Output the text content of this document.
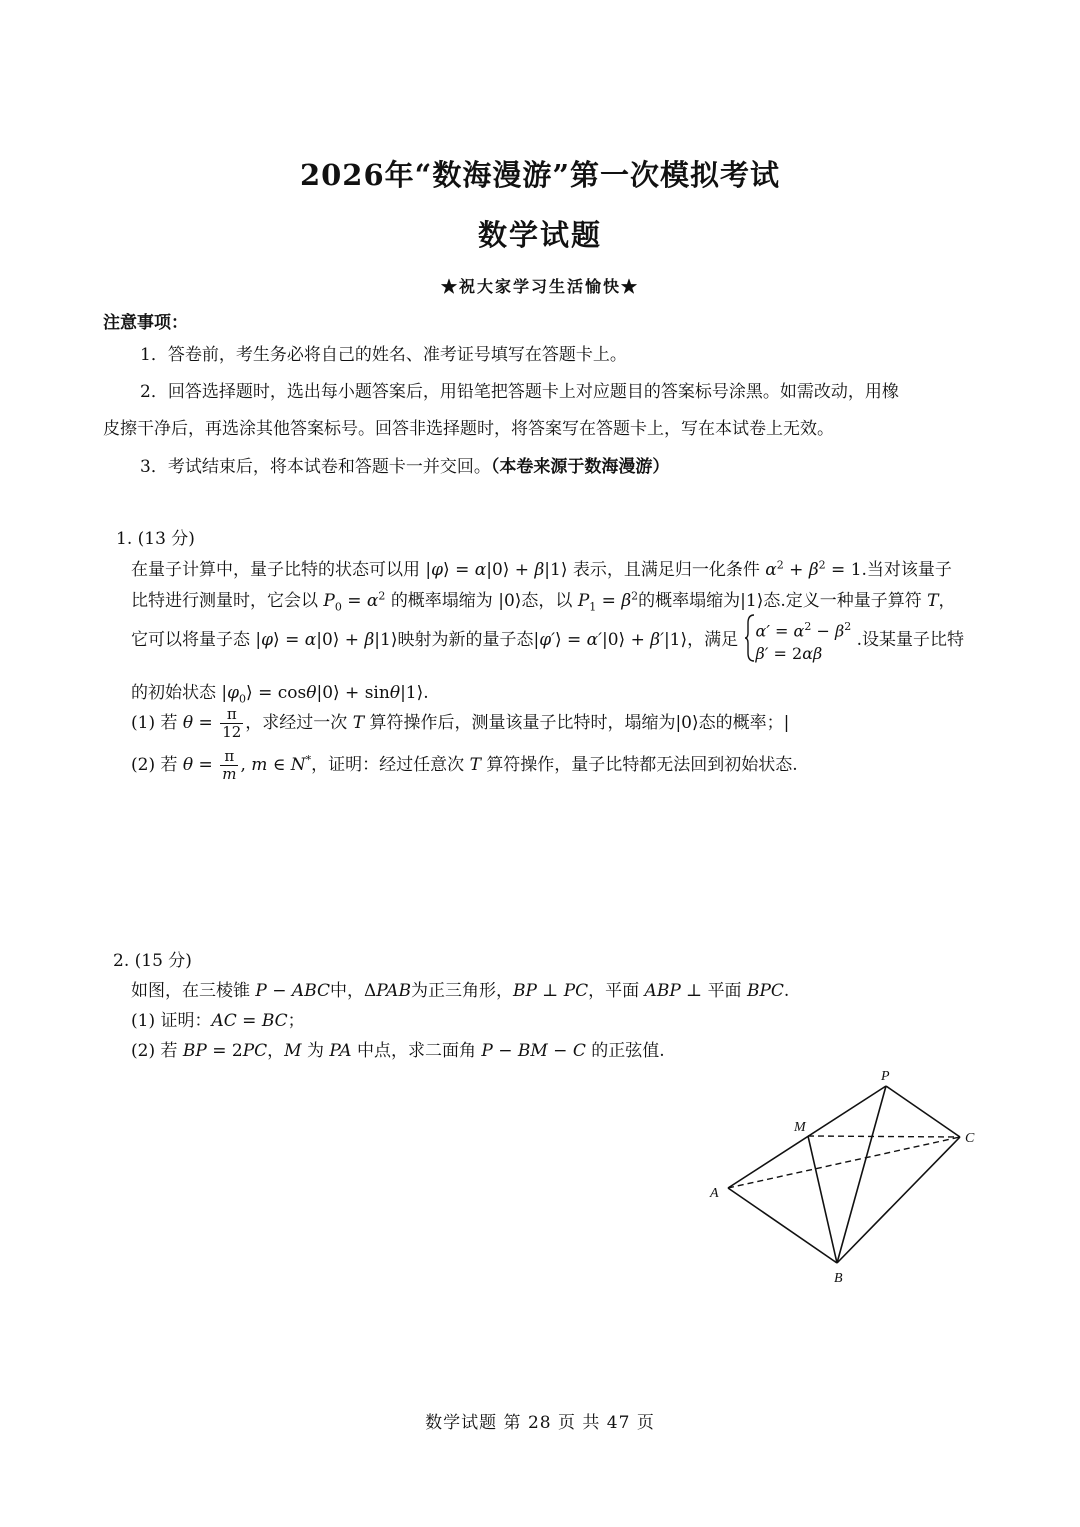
2026年“数海漫游”第一次模拟考试
数学试题
★祝大家学习生活愉快★
注意事项：
1．答卷前，考生务必将自己的姓名、准考证号填写在答题卡上。
2．回答选择题时，选出每小题答案后，用铅笔把答题卡上对应题目的答案标号涂黑。如需改动，用橡
皮擦干净后，再选涂其他答案标号。回答非选择题时，将答案写在答题卡上，写在本试卷上无效。
3．考试结束后，将本试卷和答题卡一并交回。（本卷来源于数海漫游）
1. (13 分)
在量子计算中，量子比特的状态可以用 |φ⟩ = α|0⟩ + β|1⟩ 表示，且满足归一化条件 $\alpha^2 + \beta^2 = 1$.当对该量子
比特进行测量时，它会以 $P_0 = \alpha^2$ 的概率塌缩为 |0⟩态，以 $P_1 = \beta^2$的概率塌缩为|1⟩态.定义一种量子算符 T，
它可以将量子态 |φ⟩ = α|0⟩ + β|1⟩映射为新的量子态|φ′⟩ = α′|0⟩ + β′|1⟩，满足 $\alpha' = \alpha^2 - \beta^2$
β′ = 2αβ .设某量子比特
的初始状态 $|\varphi_0⟩$ = cosθ|0⟩ + sinθ|1⟩.
(1) 若 $\theta = \frac{\pi}{12}$ ，求经过一次 T 算符操作后，测量该量子比特时，塌缩为|0⟩态的概率；|
(2) 若 $\theta = \frac{\pi}{m}$ , m ∈ N*，证明：经过任意次 T 算符操作，量子比特都无法回到初始状态.
2. (15 分)
如图，在三棱锥 P − ABC中，ΔPAB为正三角形，BP ⊥ PC，平面 ABP ⊥ 平面 BPC.
(1) 证明：AC = BC；
(2) 若 BP = 2PC，M 为 PA 中点，求二面角 P − BM − C 的正弦值.
P
M
C
A
B
数学试题 第 28 页 共 47 页
